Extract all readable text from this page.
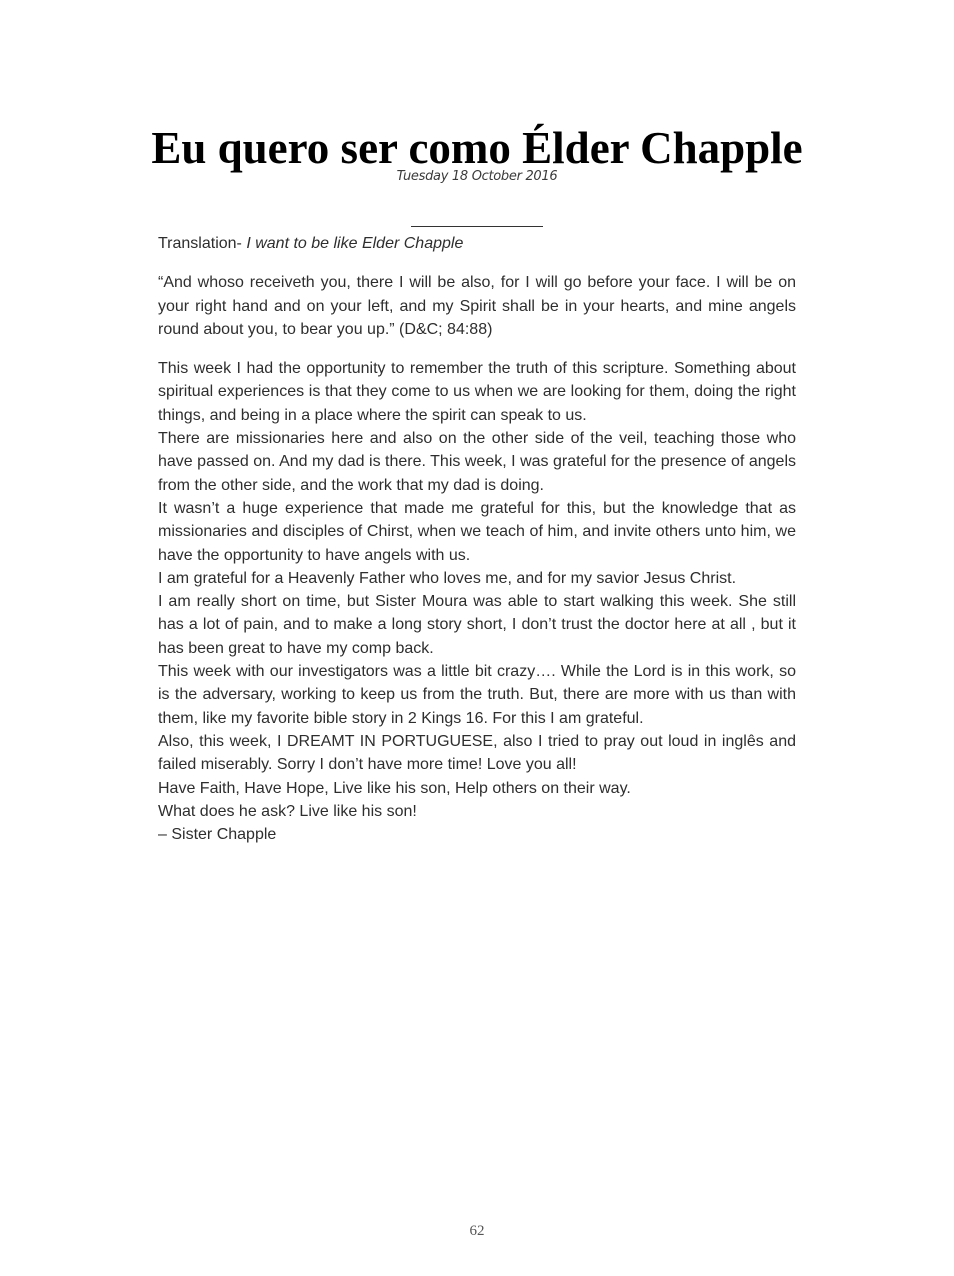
Eu quero ser como Élder Chapple
Tuesday 18 October 2016

Translation- I want to be like Elder Chapple

“And whoso receiveth you, there I will be also, for I will go before your face. I will be on your right hand and on your left, and my Spirit shall be in your hearts, and mine angels round about you, to bear you up.” (D&C; 84:88)

This week I had the opportunity to remember the truth of this scripture. Something about spiritual experiences is that they come to us when we are looking for them, doing the right things, and being in a place where the spirit can speak to us.

There are missionaries here and also on the other side of the veil, teaching those who have passed on. And my dad is there. This week, I was grateful for the presence of angels from the other side, and the work that my dad is doing.

It wasn’t a huge experience that made me grateful for this, but the knowledge that as missionaries and disciples of Chirst, when we teach of him, and invite others unto him, we have the opportunity to have angels with us.

I am grateful for a Heavenly Father who loves me, and for my savior Jesus Christ.

I am really short on time, but Sister Moura was able to start walking this week. She still has a lot of pain, and to make a long story short, I don’t trust the doctor here at all , but it has been great to have my comp back.

This week with our investigators was a little bit crazy…. While the Lord is in this work, so is the adversary, working to keep us from the truth. But, there are more with us than with them, like my favorite bible story in 2 Kings 16. For this I am grateful.

Also, this week, I DREAMT IN PORTUGUESE, also I tried to pray out loud in inglês and failed miserably. Sorry I don’t have more time! Love you all!

Have Faith, Have Hope, Live like his son, Help others on their way.

What does he ask? Live like his son!

– Sister Chapple

62
